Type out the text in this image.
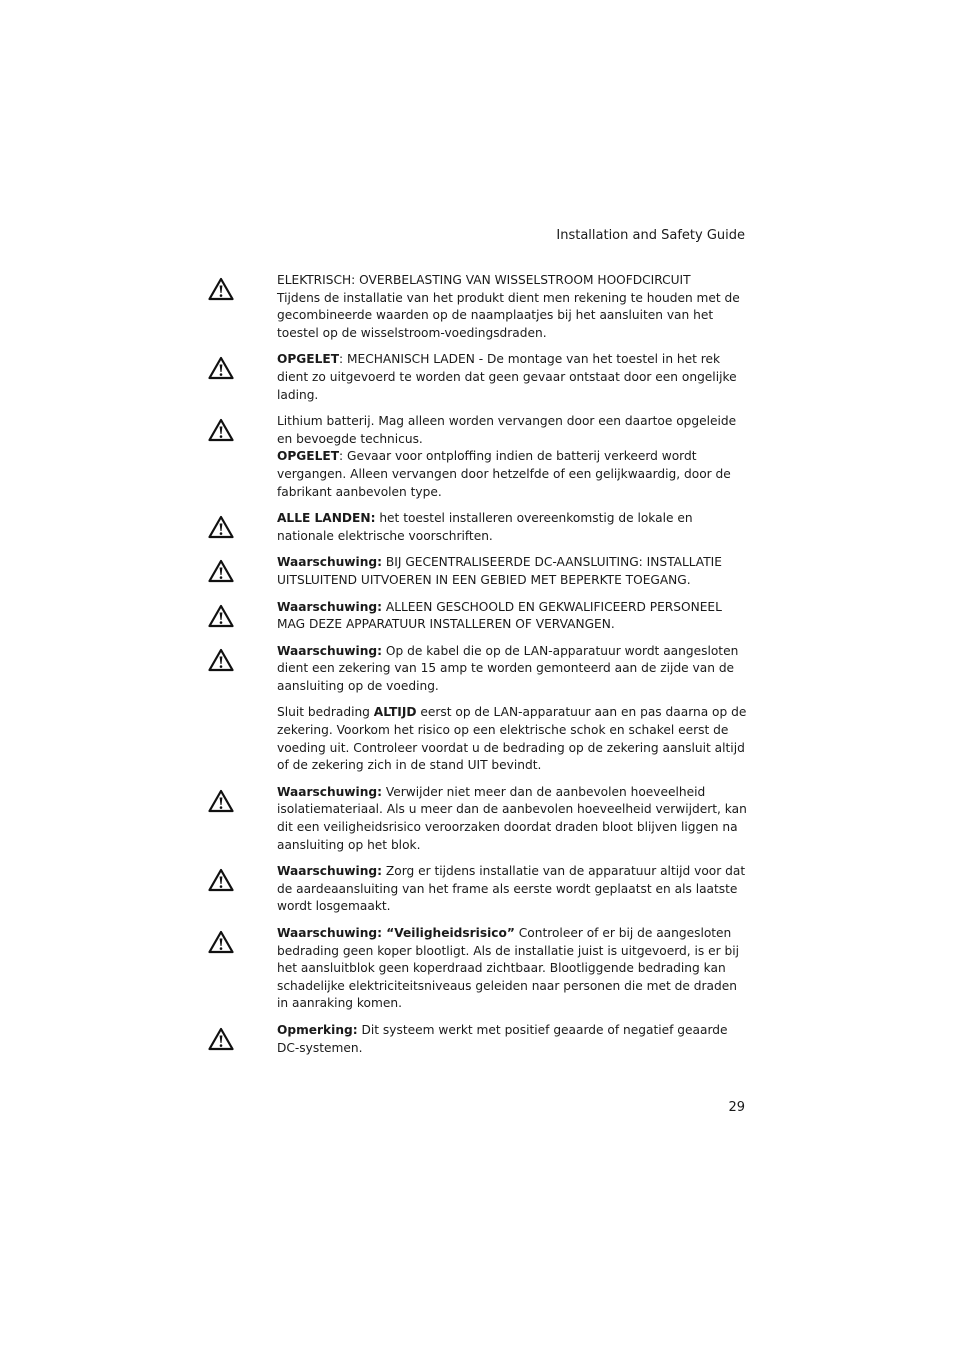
Installation and Safety Guide

ELEKTRISCH: OVERBELASTING VAN WISSELSTROOM HOOFDCIRCUIT

Tijdens de installatie van het produkt dient men rekening te houden met de gecombineerde waarden op de naamplaatjes bij het aansluiten van het toestel op de wisselstroom-voedingsdraden.

OPGELET: MECHANISCH LADEN - De montage van het toestel in het rek dient zo uitgevoerd te worden dat geen gevaar ontstaat door een ongelijke lading.

Lithium batterij. Mag alleen worden vervangen door een daartoe opgeleide en bevoegde technicus.

OPGELET: Gevaar voor ontploffing indien de batterij verkeerd wordt vergangen. Alleen vervangen door hetzelfde of een gelijkwaardig, door de fabrikant aanbevolen type.

ALLE LANDEN: het toestel installeren overeenkomstig de lokale en nationale elektrische voorschriften.

Waarschuwing: BIJ GECENTRALISEERDE DC-AANSLUITING: INSTALLATIE UITSLUITEND UITVOEREN IN EEN GEBIED MET BEPERKTE TOEGANG.

Waarschuwing: ALLEEN GESCHOOLD EN GEKWALIFICEERD PERSONEEL MAG DEZE APPARATUUR INSTALLEREN OF VERVANGEN.

Waarschuwing: Op de kabel die op de LAN-apparatuur wordt aangesloten dient een zekering van 15 amp te worden gemonteerd aan de zijde van de aansluiting op de voeding.

Sluit bedrading ALTIJD eerst op de LAN-apparatuur aan en pas daarna op de zekering. Voorkom het risico op een elektrische schok en schakel eerst de voeding uit. Controleer voordat u de bedrading op de zekering aansluit altijd of de zekering zich in de stand UIT bevindt.

Waarschuwing: Verwijder niet meer dan de aanbevolen hoeveelheid isolatiemateriaal. Als u meer dan de aanbevolen hoeveelheid verwijdert, kan dit een veiligheidsrisico veroorzaken doordat draden bloot blijven liggen na aansluiting op het blok.

Waarschuwing: Zorg er tijdens installatie van de apparatuur altijd voor dat de aardeaansluiting van het frame als eerste wordt geplaatst en als laatste wordt losgemaakt.

Waarschuwing: “Veiligheidsrisico” Controleer of er bij de aangesloten bedrading geen koper blootligt. Als de installatie juist is uitgevoerd, is er bij het aansluitblok geen koperdraad zichtbaar. Blootliggende bedrading kan schadelijke elektriciteitsniveaus geleiden naar personen die met de draden in aanraking komen.

Opmerking: Dit systeem werkt met positief geaarde of negatief geaarde DC-systemen.

29
